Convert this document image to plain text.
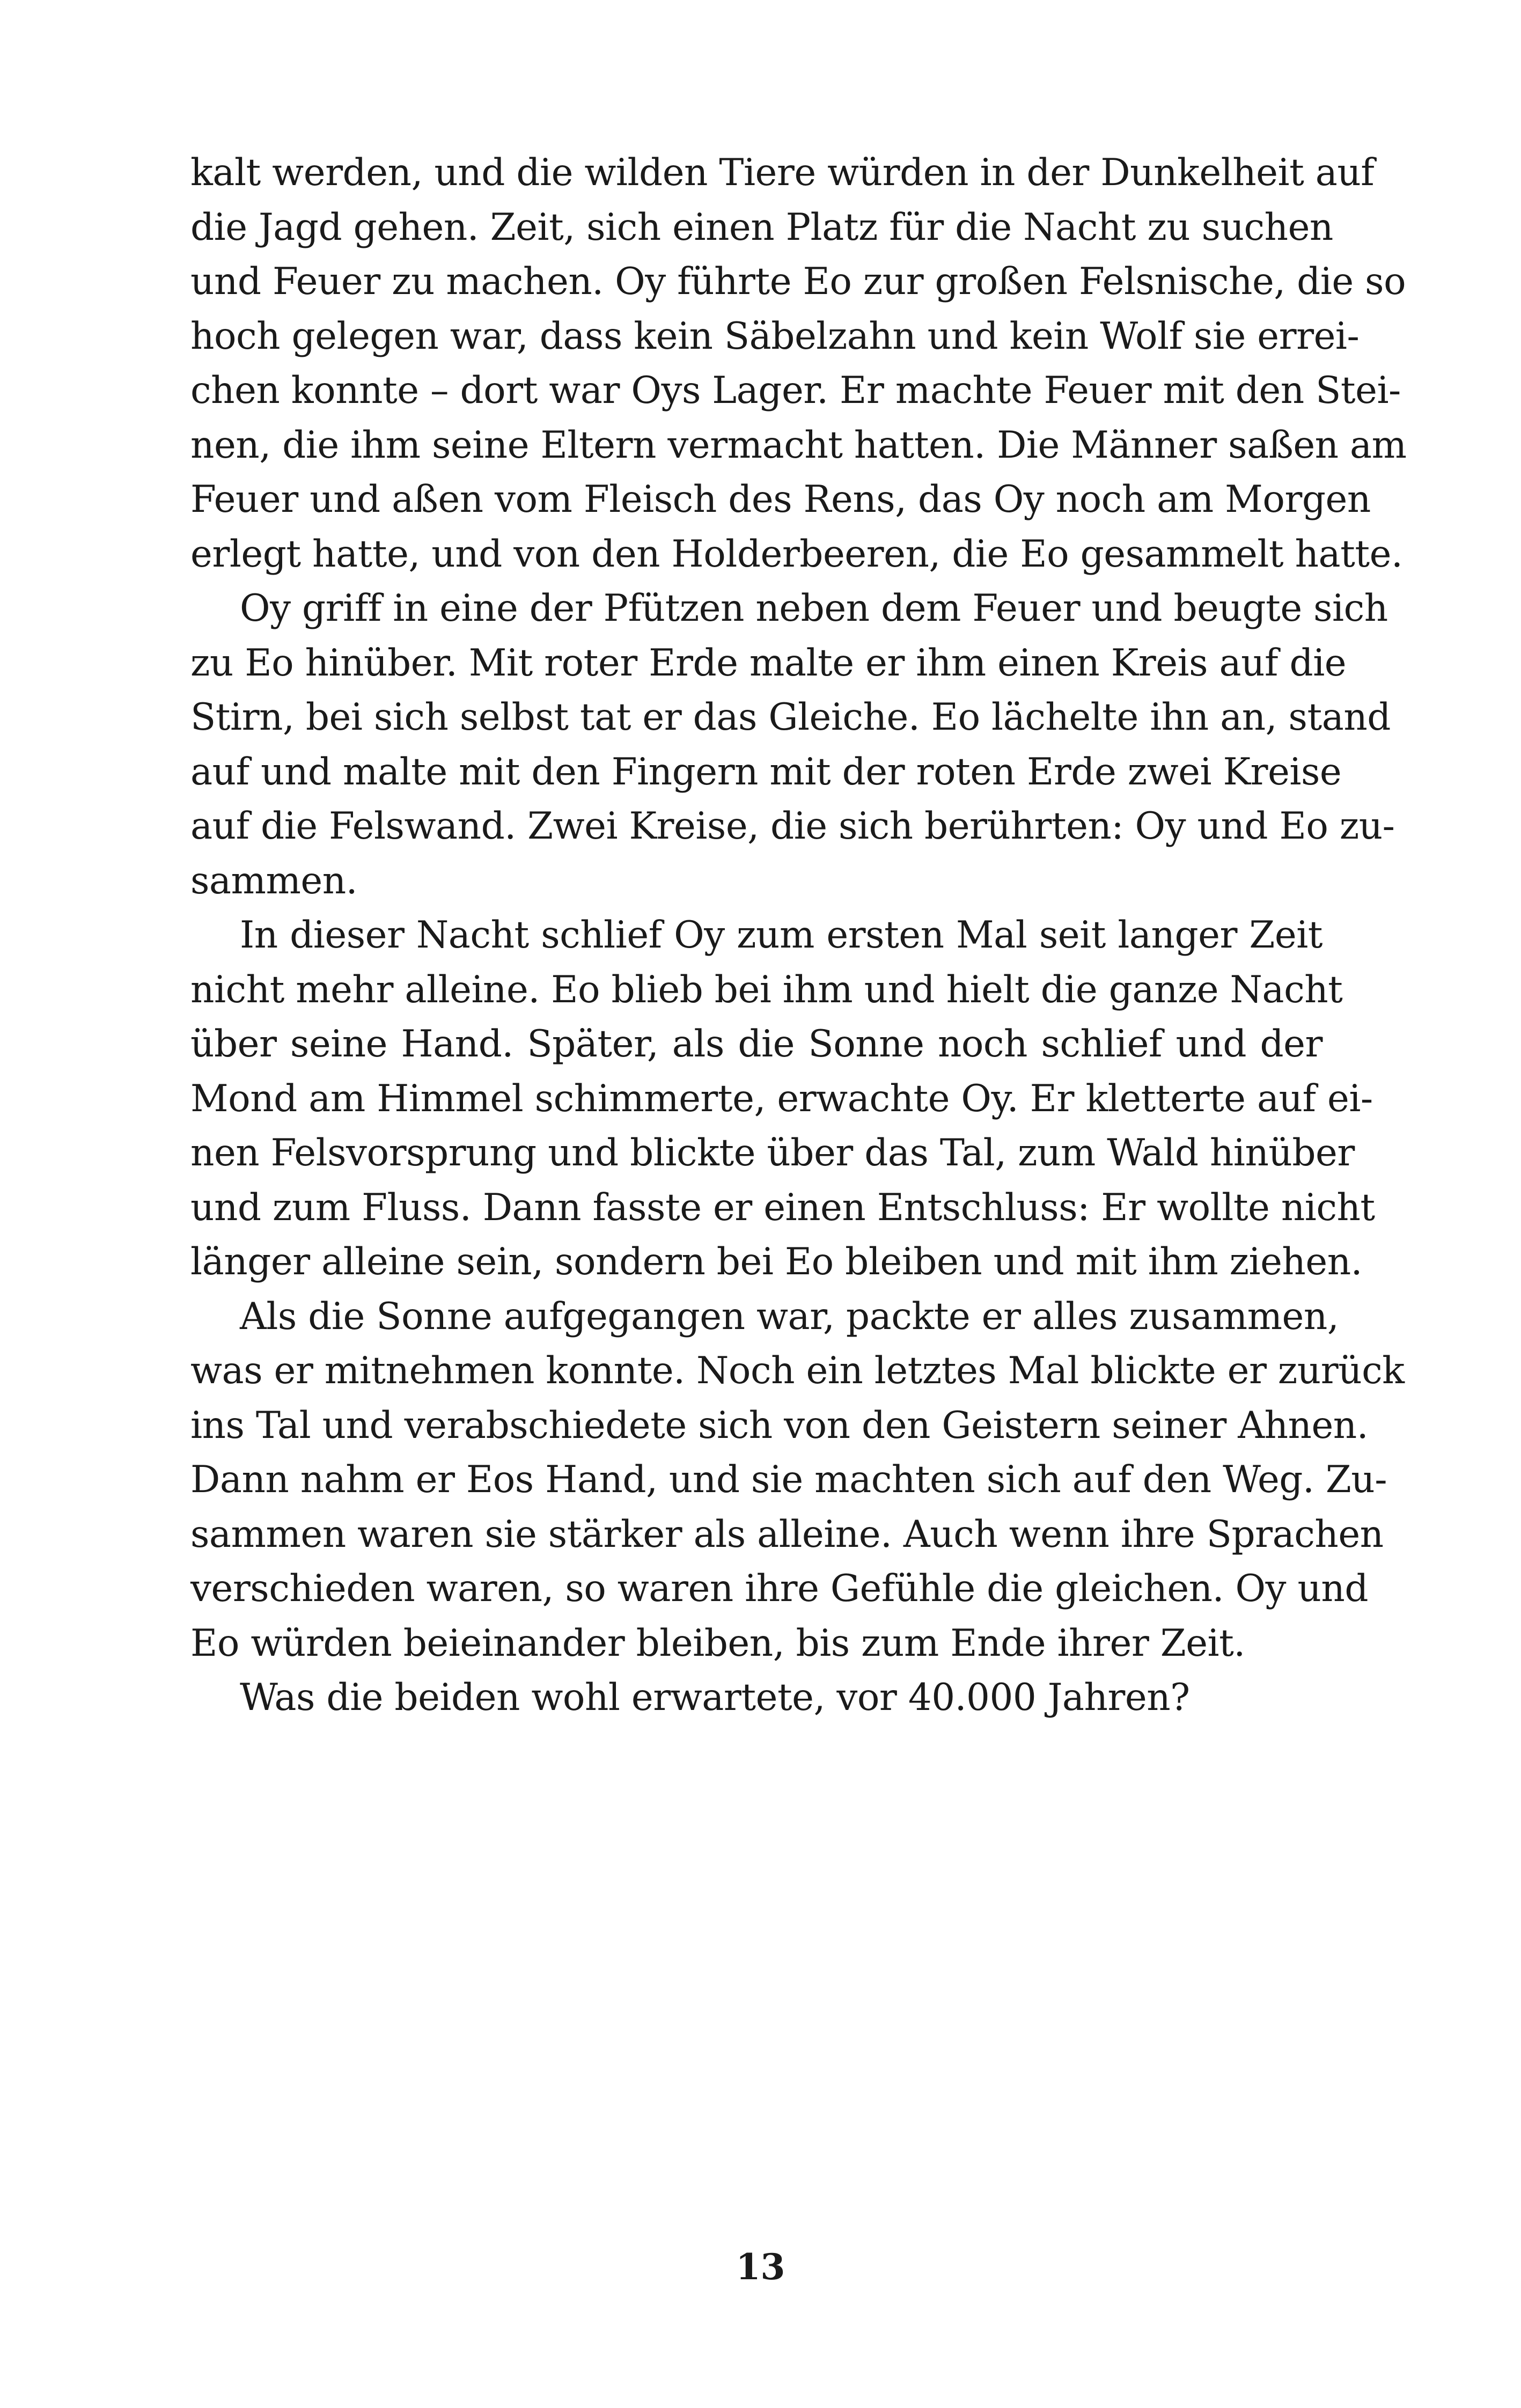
kalt werden, und die wilden Tiere würden in der Dunkelheit auf
die Jagd gehen. Zeit, sich einen Platz für die Nacht zu suchen
und Feuer zu machen. Oy führte Eo zur großen Felsnische, die so
hoch gelegen war, dass kein Säbelzahn und kein Wolf sie errei-
chen konnte – dort war Oys Lager. Er machte Feuer mit den Stei-
nen, die ihm seine Eltern vermacht hatten. Die Männer saßen am
Feuer und aßen vom Fleisch des Rens, das Oy noch am Morgen
erlegt hatte, und von den Holderbeeren, die Eo gesammelt hatte.
Oy griff in eine der Pfützen neben dem Feuer und beugte sich
zu Eo hinüber. Mit roter Erde malte er ihm einen Kreis auf die
Stirn, bei sich selbst tat er das Gleiche. Eo lächelte ihn an, stand
auf und malte mit den Fingern mit der roten Erde zwei Kreise
auf die Felswand. Zwei Kreise, die sich berührten: Oy und Eo zu-
sammen.
In dieser Nacht schlief Oy zum ersten Mal seit langer Zeit
nicht mehr alleine. Eo blieb bei ihm und hielt die ganze Nacht
über seine Hand. Später, als die Sonne noch schlief und der
Mond am Himmel schimmerte, erwachte Oy. Er kletterte auf ei-
nen Felsvorsprung und blickte über das Tal, zum Wald hinüber
und zum Fluss. Dann fasste er einen Entschluss: Er wollte nicht
länger alleine sein, sondern bei Eo bleiben und mit ihm ziehen.
Als die Sonne aufgegangen war, packte er alles zusammen,
was er mitnehmen konnte. Noch ein letztes Mal blickte er zurück
ins Tal und verabschiedete sich von den Geistern seiner Ahnen.
Dann nahm er Eos Hand, und sie machten sich auf den Weg. Zu-
sammen waren sie stärker als alleine. Auch wenn ihre Sprachen
verschieden waren, so waren ihre Gefühle die gleichen. Oy und
Eo würden beieinander bleiben, bis zum Ende ihrer Zeit.
Was die beiden wohl erwartete, vor 40.000 Jahren?
13
